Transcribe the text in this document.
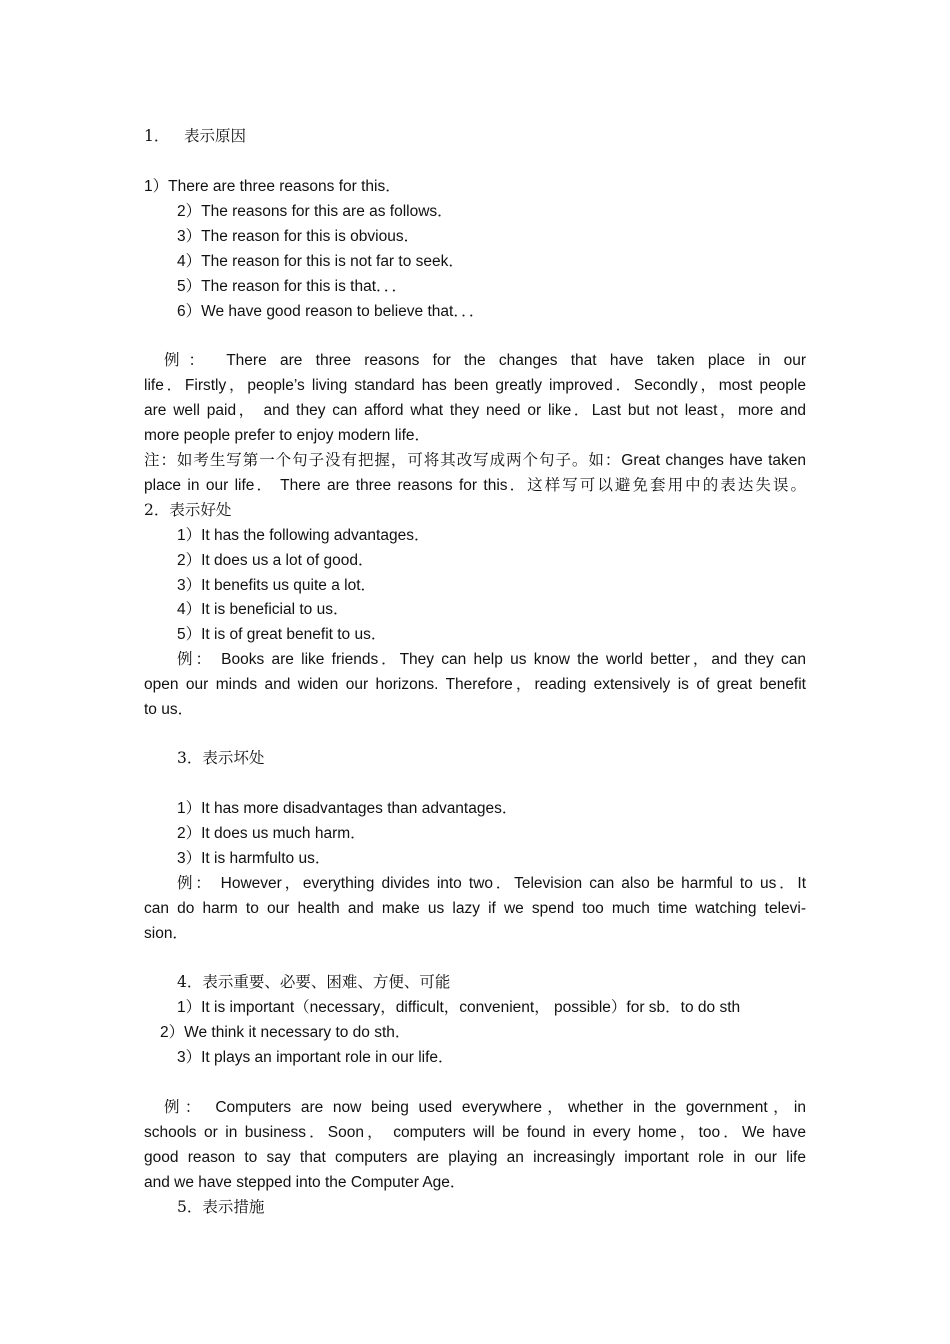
1． 表示原因
1）There are three reasons for this．
2）The reasons for this are as follows．
3）The reason for this is obvious．
4）The reason for this is not far to seek．
5）The reason for this is that．．．
6）We have good reason to believe that．．．
例： There are three reasons for the changes that have taken place in our
life．Firstly，people’s living standard has been greatly improved．Secondly，most people
are well paid， and they can afford what they need or like．Last but not least，more and
more people prefer to enjoy modern life．
注：如考生写第一个句子没有把握，可将其改写成两个句子。如：Great changes have taken
place in our life． There are three reasons for this．这样写可以避免套用中的表达失误。
2．表示好处
1）It has the following advantages．
2）It does us a lot of good．
3）It benefits us quite a lot．
4）It is beneficial to us．
5）It is of great benefit to us．
例： Books are like friends．They can help us know the world better，and they can
open our minds and widen our horizons. Therefore，reading extensively is of great benefit
to us．
3．表示坏处
1）It has more disadvantages than advantages．
2）It does us much harm．
3）It is harmfulto us．
例： However，everything divides into two．Television can also be harmful to us．It
can do harm to our health and make us lazy if we spend too much time watching televi-
sion．
4．表示重要、必要、困难、方便、可能
1）It is important（necessary，difficult，convenient， possible）for sb．to do sth
2）We think it necessary to do sth．
3）It plays an important role in our life．
例： Computers are now being used everywhere，whether in the government，in
schools or in business．Soon， computers will be found in every home，too．We have
good reason to say that computers are playing an increasingly important role in our life
and we have stepped into the Computer Age．
5．表示措施
